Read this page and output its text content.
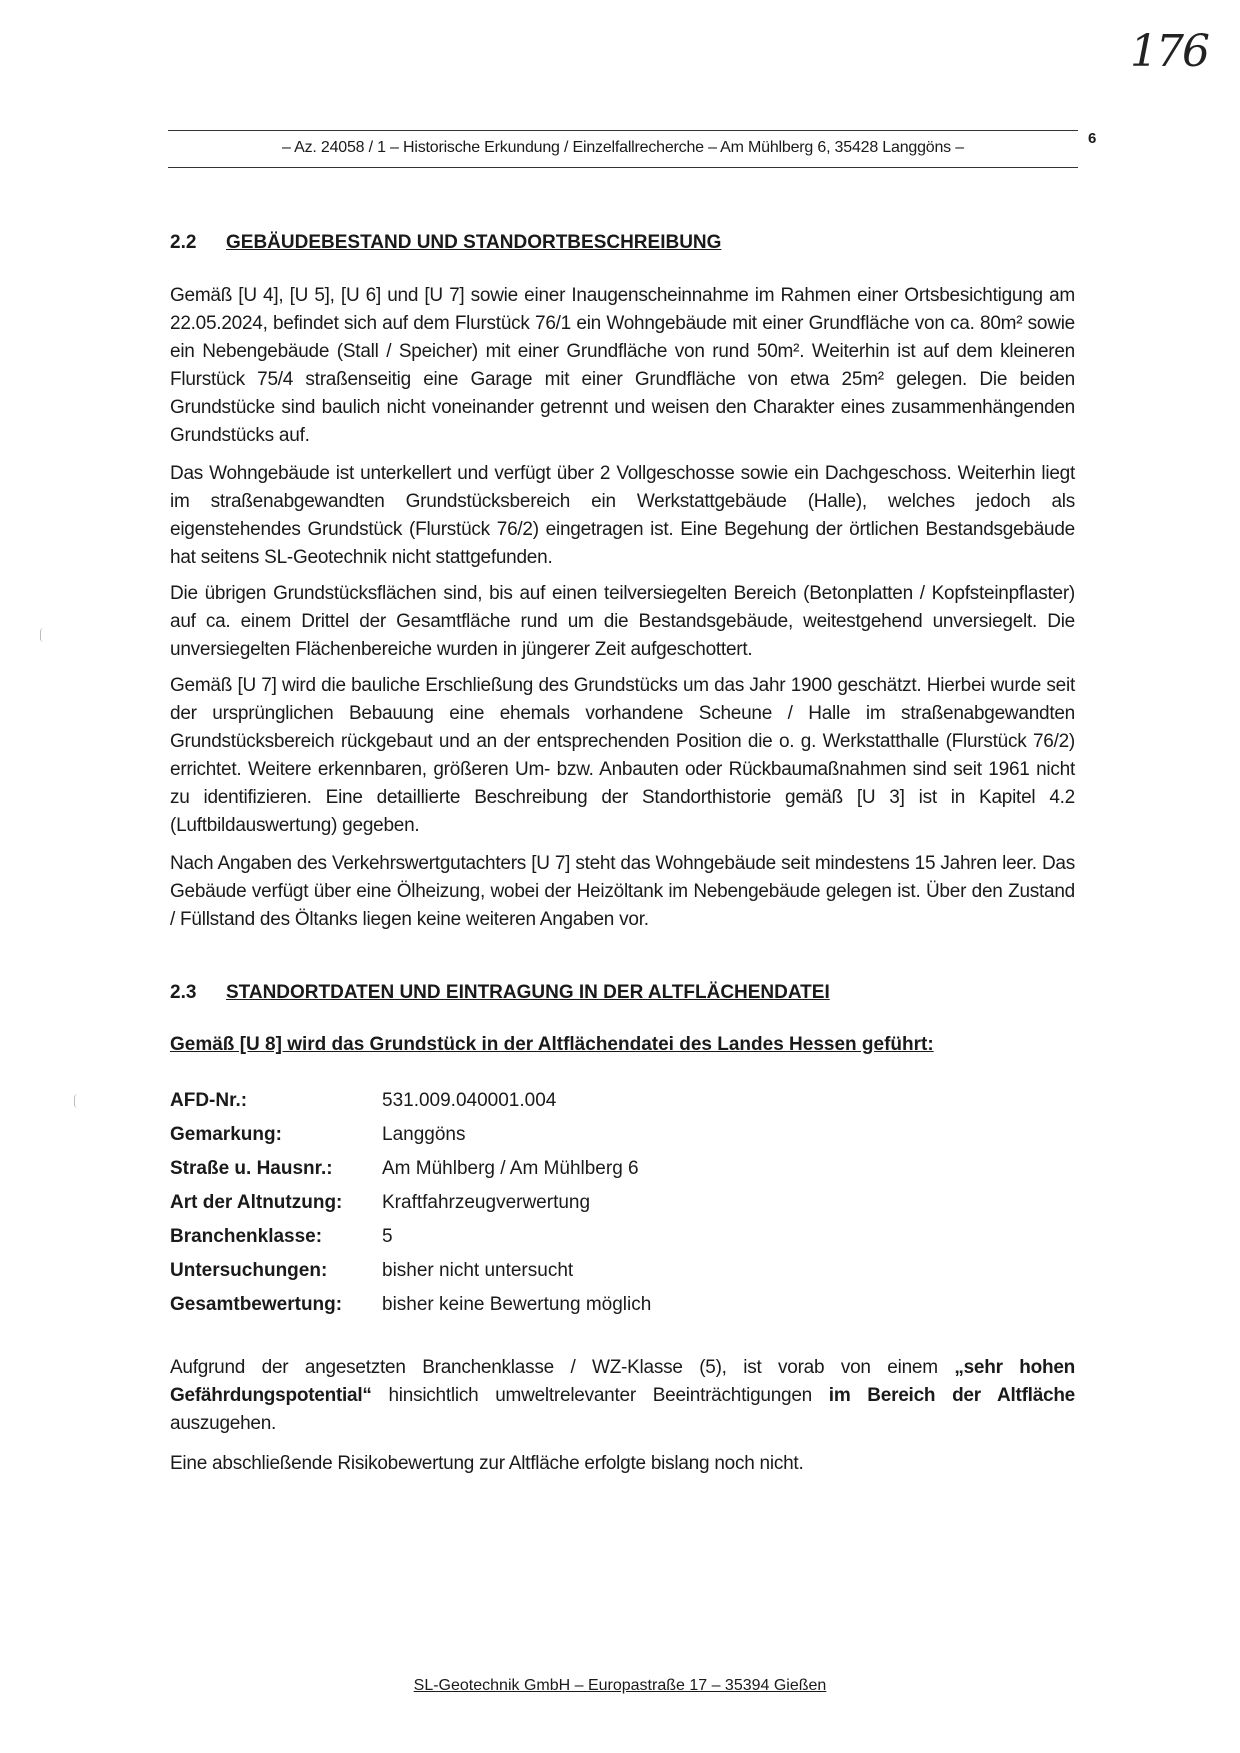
176
– Az. 24058 / 1 – Historische Erkundung / Einzelfallrecherche – Am Mühlberg 6, 35428 Langgöns –
6
2.2 GEBÄUDEBESTAND UND STANDORTBESCHREIBUNG

Gemäß [U 4], [U 5], [U 6] und [U 7] sowie einer Inaugenscheinnahme im Rahmen einer Ortsbesichtigung am 22.05.2024, befindet sich auf dem Flurstück 76/1 ein Wohngebäude mit einer Grundfläche von ca. 80m² sowie ein Nebengebäude (Stall / Speicher) mit einer Grundfläche von rund 50m². Weiterhin ist auf dem kleineren Flurstück 75/4 straßenseitig eine Garage mit einer Grundfläche von etwa 25m² gelegen. Die beiden Grundstücke sind baulich nicht voneinander getrennt und weisen den Charakter eines zusammenhängenden Grundstücks auf.

Das Wohngebäude ist unterkellert und verfügt über 2 Vollgeschosse sowie ein Dachgeschoss. Weiterhin liegt im straßenabgewandten Grundstücksbereich ein Werkstattgebäude (Halle), welches jedoch als eigenstehendes Grundstück (Flurstück 76/2) eingetragen ist. Eine Begehung der örtlichen Bestandsgebäude hat seitens SL-Geotechnik nicht stattgefunden.

Die übrigen Grundstücksflächen sind, bis auf einen teilversiegelten Bereich (Betonplatten / Kopfsteinpflaster) auf ca. einem Drittel der Gesamtfläche rund um die Bestandsgebäude, weitestgehend unversiegelt. Die unversiegelten Flächenbereiche wurden in jüngerer Zeit aufgeschottert.

Gemäß [U 7] wird die bauliche Erschließung des Grundstücks um das Jahr 1900 geschätzt. Hierbei wurde seit der ursprünglichen Bebauung eine ehemals vorhandene Scheune / Halle im straßenabgewandten Grundstücksbereich rückgebaut und an der entsprechenden Position die o. g. Werkstatthalle (Flurstück 76/2) errichtet. Weitere erkennbaren, größeren Um- bzw. Anbauten oder Rückbaumaßnahmen sind seit 1961 nicht zu identifizieren. Eine detaillierte Beschreibung der Standorthistorie gemäß [U 3] ist in Kapitel 4.2 (Luftbildauswertung) gegeben.

Nach Angaben des Verkehrswertgutachters [U 7] steht das Wohngebäude seit mindestens 15 Jahren leer. Das Gebäude verfügt über eine Ölheizung, wobei der Heizöltank im Nebengebäude gelegen ist. Über den Zustand / Füllstand des Öltanks liegen keine weiteren Angaben vor.

2.3 STANDORTDATEN UND EINTRAGUNG IN DER ALTFLÄCHENDATEI
Gemäß [U 8] wird das Grundstück in der Altflächendatei des Landes Hessen geführt:
AFD-Nr.:	531.009.040001.004
Gemarkung:	Langgöns
Straße u. Hausnr.:	Am Mühlberg / Am Mühlberg 6
Art der Altnutzung:	Kraftfahrzeugverwertung
Branchenklasse:	5
Untersuchungen:	bisher nicht untersucht
Gesamtbewertung:	bisher keine Bewertung möglich

Aufgrund der angesetzten Branchenklasse / WZ-Klasse (5), ist vorab von einem „sehr hohen Gefährdungspotential“ hinsichtlich umweltrelevanter Beeinträchtigungen im Bereich der Altfläche auszugehen.

Eine abschließende Risikobewertung zur Altfläche erfolgte bislang noch nicht.

SL-Geotechnik GmbH – Europastraße 17 – 35394 Gießen
